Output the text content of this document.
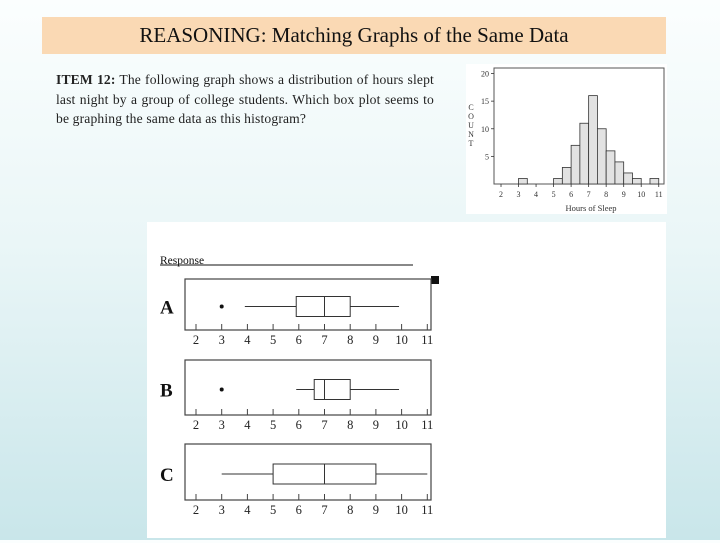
REASONING: Matching Graphs of the Same Data
ITEM 12: The following graph shows a distribution of hours slept last night by a group of college students. Which box plot seems to be graphing the same data as this histogram?
5
10
15
20
2 3 4 5 6 7 8 9 10 11
Hours of Sleep
C
O
U
N
T
Response
A
2 3 4 5 6 7 8 9 10 11
B
2 3 4 5 6 7 8 9 10 11
C
2 3 4 5 6 7 8 9 10 11
